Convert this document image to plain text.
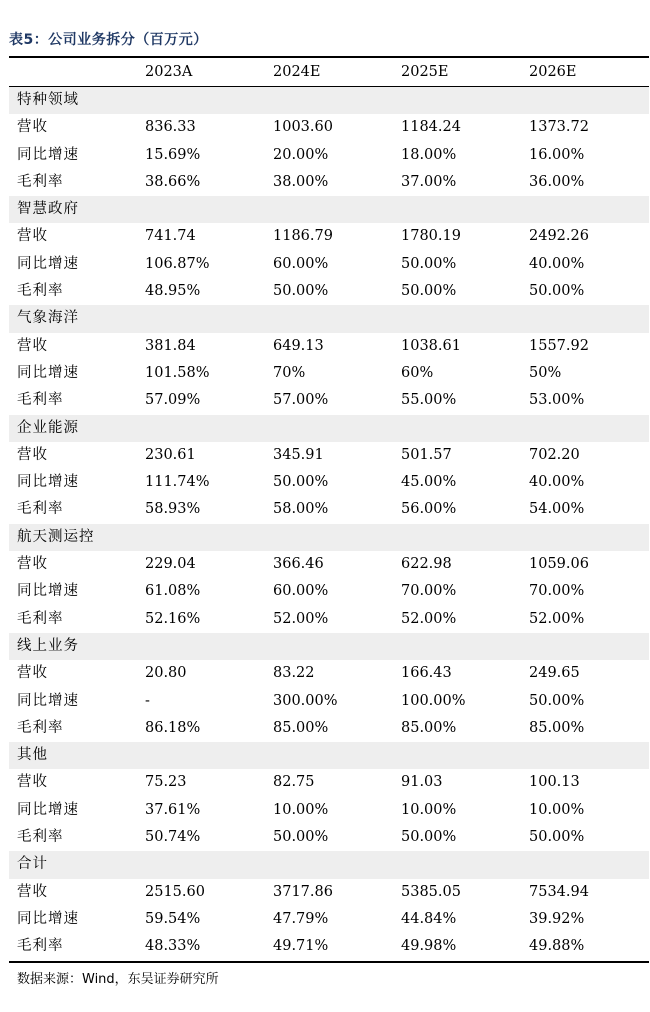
表5：公司业务拆分（百万元）
	2023A	2024E	2025E	2026E
特种领域				
营收	836.33	1003.60	1184.24	1373.72
同比增速	15.69%	20.00%	18.00%	16.00%
毛利率	38.66%	38.00%	37.00%	36.00%
智慧政府				
营收	741.74	1186.79	1780.19	2492.26
同比增速	106.87%	60.00%	50.00%	40.00%
毛利率	48.95%	50.00%	50.00%	50.00%
气象海洋				
营收	381.84	649.13	1038.61	1557.92
同比增速	101.58%	70%	60%	50%
毛利率	57.09%	57.00%	55.00%	53.00%
企业能源				
营收	230.61	345.91	501.57	702.20
同比增速	111.74%	50.00%	45.00%	40.00%
毛利率	58.93%	58.00%	56.00%	54.00%
航天测运控				
营收	229.04	366.46	622.98	1059.06
同比增速	61.08%	60.00%	70.00%	70.00%
毛利率	52.16%	52.00%	52.00%	52.00%
线上业务				
营收	20.80	83.22	166.43	249.65
同比增速	-	300.00%	100.00%	50.00%
毛利率	86.18%	85.00%	85.00%	85.00%
其他				
营收	75.23	82.75	91.03	100.13
同比增速	37.61%	10.00%	10.00%	10.00%
毛利率	50.74%	50.00%	50.00%	50.00%
合计				
营收	2515.60	3717.86	5385.05	7534.94
同比增速	59.54%	47.79%	44.84%	39.92%
毛利率	48.33%	49.71%	49.98%	49.88%
数据来源：Wind，东吴证券研究所
